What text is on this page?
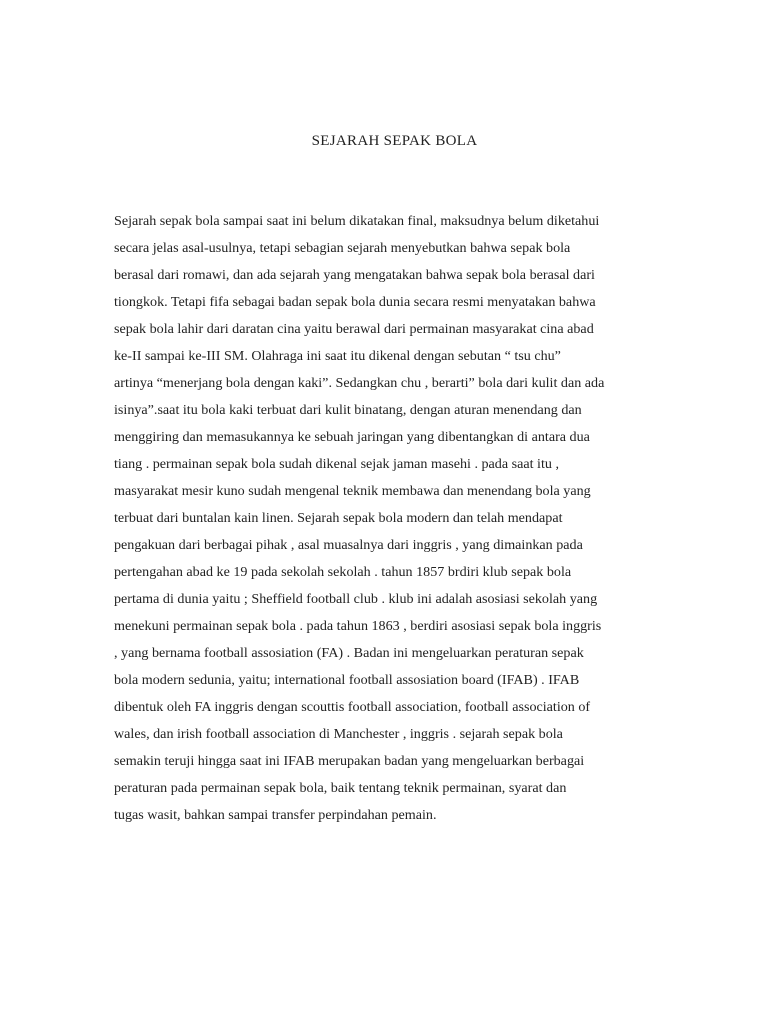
SEJARAH SEPAK BOLA
Sejarah sepak bola sampai saat ini belum dikatakan final, maksudnya belum diketahui
secara jelas asal-usulnya, tetapi sebagian sejarah menyebutkan bahwa sepak bola
berasal dari romawi, dan ada sejarah yang mengatakan bahwa sepak bola berasal dari
tiongkok. Tetapi fifa sebagai badan sepak bola dunia secara resmi menyatakan bahwa
sepak bola lahir dari daratan cina yaitu berawal dari permainan masyarakat cina abad
ke-II sampai ke-III SM. Olahraga ini saat itu dikenal dengan sebutan “ tsu chu”
artinya “menerjang bola dengan kaki”. Sedangkan chu , berarti” bola dari kulit dan ada
isinya”.saat itu bola kaki terbuat dari kulit binatang, dengan aturan menendang dan
menggiring dan memasukannya ke sebuah jaringan yang dibentangkan di antara dua
tiang . permainan sepak bola sudah dikenal sejak jaman masehi . pada saat itu ,
masyarakat mesir kuno sudah mengenal teknik membawa dan menendang bola yang
terbuat dari buntalan kain linen. Sejarah sepak bola modern dan telah mendapat
pengakuan dari berbagai pihak , asal muasalnya dari inggris , yang dimainkan pada
pertengahan abad ke 19 pada sekolah sekolah . tahun 1857 brdiri klub sepak bola
pertama di dunia yaitu ; Sheffield football club . klub ini adalah asosiasi sekolah yang
menekuni permainan sepak bola . pada tahun 1863 , berdiri asosiasi sepak bola inggris
, yang bernama football assosiation (FA) . Badan ini mengeluarkan peraturan sepak
bola modern sedunia, yaitu; international football assosiation board (IFAB) . IFAB
dibentuk oleh FA inggris dengan scouttis football association, football association of
wales, dan irish football association di Manchester , inggris . sejarah sepak bola
semakin teruji hingga saat ini IFAB merupakan badan yang mengeluarkan berbagai
peraturan pada permainan sepak bola, baik tentang teknik permainan, syarat dan
tugas wasit, bahkan sampai transfer perpindahan pemain.
